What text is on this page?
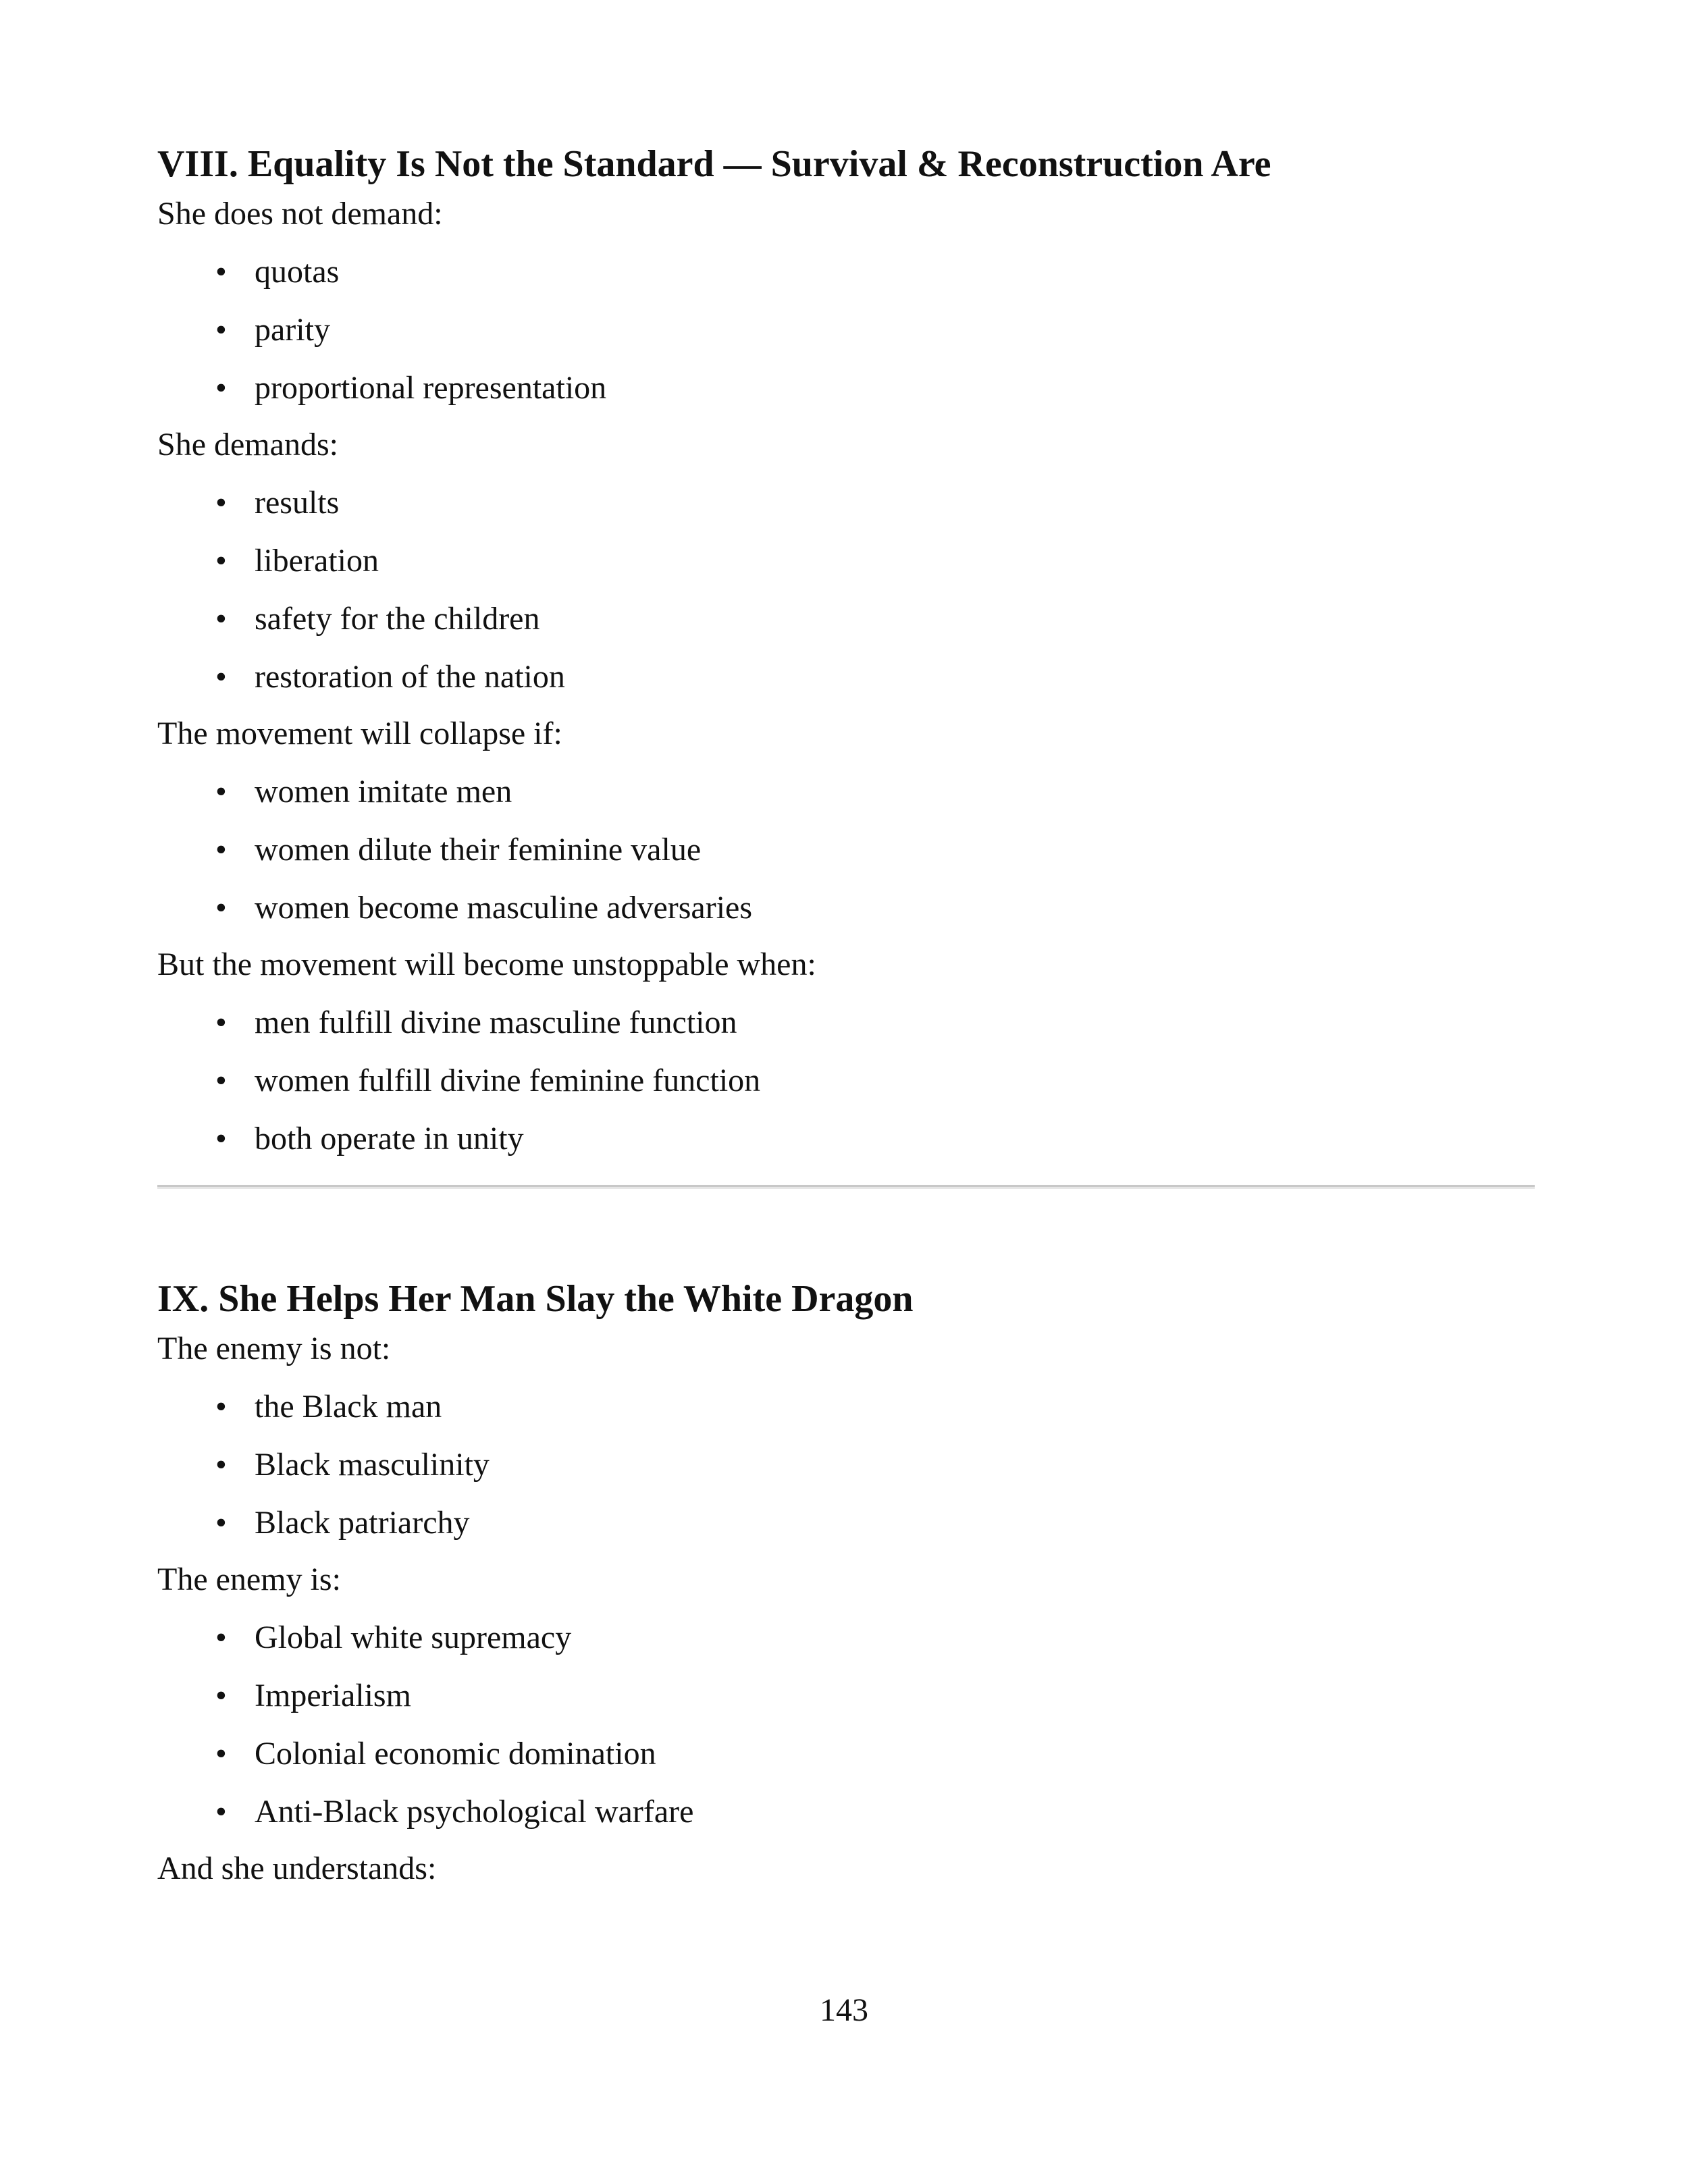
VIII. Equality Is Not the Standard — Survival & Reconstruction Are

She does not demand:

• quotas
• parity
• proportional representation

She demands:

• results
• liberation
• safety for the children
• restoration of the nation

The movement will collapse if:

• women imitate men
• women dilute their feminine value
• women become masculine adversaries

But the movement will become unstoppable when:

• men fulfill divine masculine function
• women fulfill divine feminine function
• both operate in unity
IX. She Helps Her Man Slay the White Dragon

The enemy is not:

• the Black man
• Black masculinity
• Black patriarchy

The enemy is:

• Global white supremacy
• Imperialism
• Colonial economic domination
• Anti-Black psychological warfare

And she understands:

143
